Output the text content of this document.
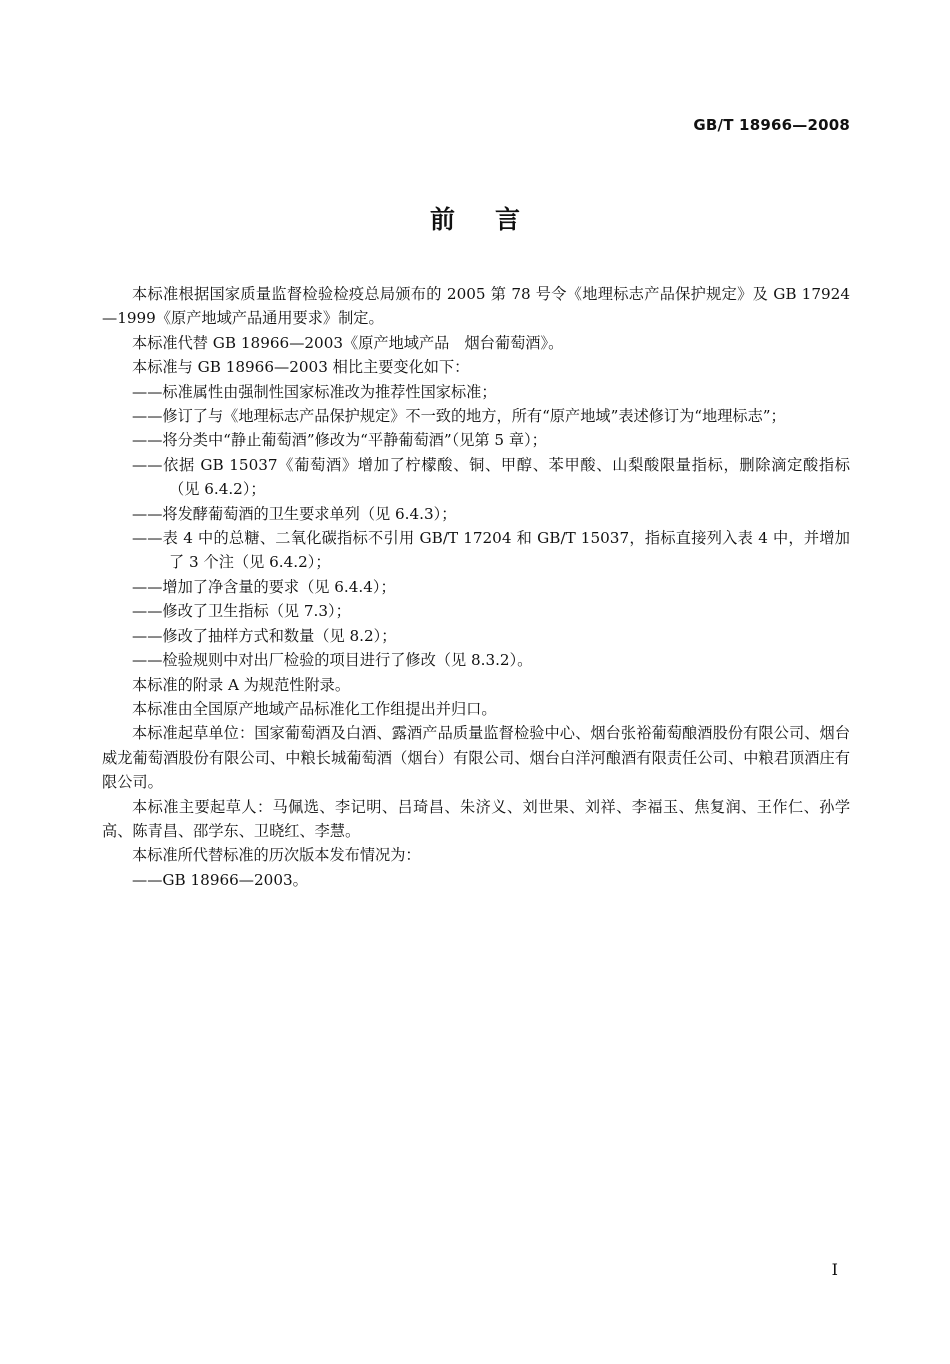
GB/T 18966—2008
前言

本标准根据国家质量监督检验检疫总局颁布的 2005 第 78 号令《地理标志产品保护规定》及 GB 17924—1999《原产地域产品通用要求》制定。

本标准代替 GB 18966—2003《原产地域产品　烟台葡萄酒》。

本标准与 GB 18966—2003 相比主要变化如下：

——标准属性由强制性国家标准改为推荐性国家标准；

——修订了与《地理标志产品保护规定》不一致的地方，所有“原产地域”表述修订为“地理标志”；

——将分类中“静止葡萄酒”修改为“平静葡萄酒”（见第 5 章）；

——依据 GB 15037《葡萄酒》增加了柠檬酸、铜、甲醇、苯甲酸、山梨酸限量指标，删除滴定酸指标（见 6.4.2）；

——将发酵葡萄酒的卫生要求单列（见 6.4.3）；

——表 4 中的总糖、二氧化碳指标不引用 GB/T 17204 和 GB/T 15037，指标直接列入表 4 中，并增加了 3 个注（见 6.4.2）；

——增加了净含量的要求（见 6.4.4）；

——修改了卫生指标（见 7.3）；

——修改了抽样方式和数量（见 8.2）；

——检验规则中对出厂检验的项目进行了修改（见 8.3.2）。

本标准的附录 A 为规范性附录。

本标准由全国原产地域产品标准化工作组提出并归口。

本标准起草单位：国家葡萄酒及白酒、露酒产品质量监督检验中心、烟台张裕葡萄酿酒股份有限公司、烟台威龙葡萄酒股份有限公司、中粮长城葡萄酒（烟台）有限公司、烟台白洋河酿酒有限责任公司、中粮君顶酒庄有限公司。

本标准主要起草人：马佩选、李记明、吕琦昌、朱济义、刘世果、刘祥、李福玉、焦复润、王作仁、孙学高、陈青昌、邵学东、卫晓红、李慧。

本标准所代替标准的历次版本发布情况为：

——GB 18966—2003。

I
